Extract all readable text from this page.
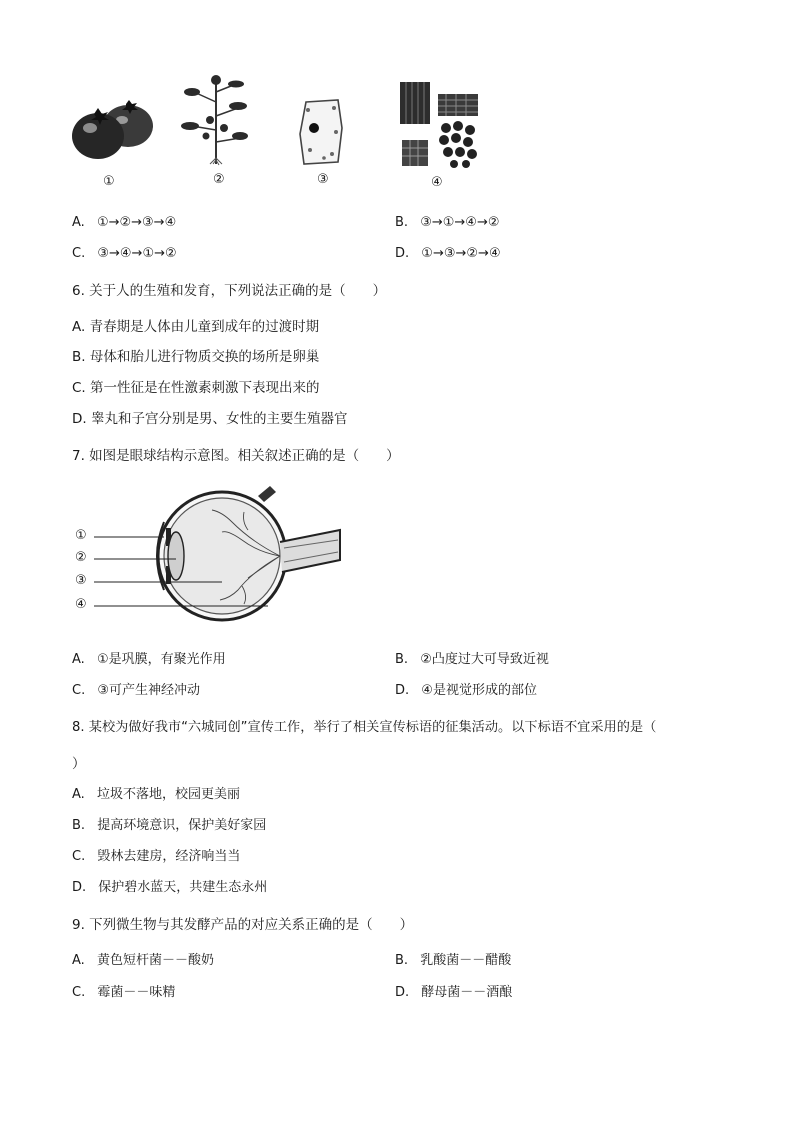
①	②	③	④
A. ①→②→③→④	B. ③→①→④→②
C. ③→④→①→②	D. ①→③→②→④
6. 关于人的生殖和发育，下列说法正确的是（　　）
A. 青春期是人体由儿童到成年的过渡时期
B. 母体和胎儿进行物质交换的场所是卵巢
C. 第一性征是在性激素刺激下表现出来的
D. 睾丸和子宫分别是男、女性的主要生殖器官
7. 如图是眼球结构示意图。相关叙述正确的是（　　）
①
②
③
④
A. ①是巩膜，有聚光作用	B. ②凸度过大可导致近视
C. ③可产生神经冲动	D. ④是视觉形成的部位
8. 某校为做好我市“六城同创”宣传工作，举行了相关宣传标语的征集活动。以下标语不宜采用的是（
）
A. 垃圾不落地，校园更美丽
B. 提高环境意识，保护美好家园
C. 毁林去建房，经济响当当
D. 保护碧水蓝天，共建生态永州
9. 下列微生物与其发酵产品的对应关系正确的是（　　）
A. 黄色短杆菌－－酸奶	B. 乳酸菌－－醋酸
C. 霉菌－－味精	D. 酵母菌－－酒酿
